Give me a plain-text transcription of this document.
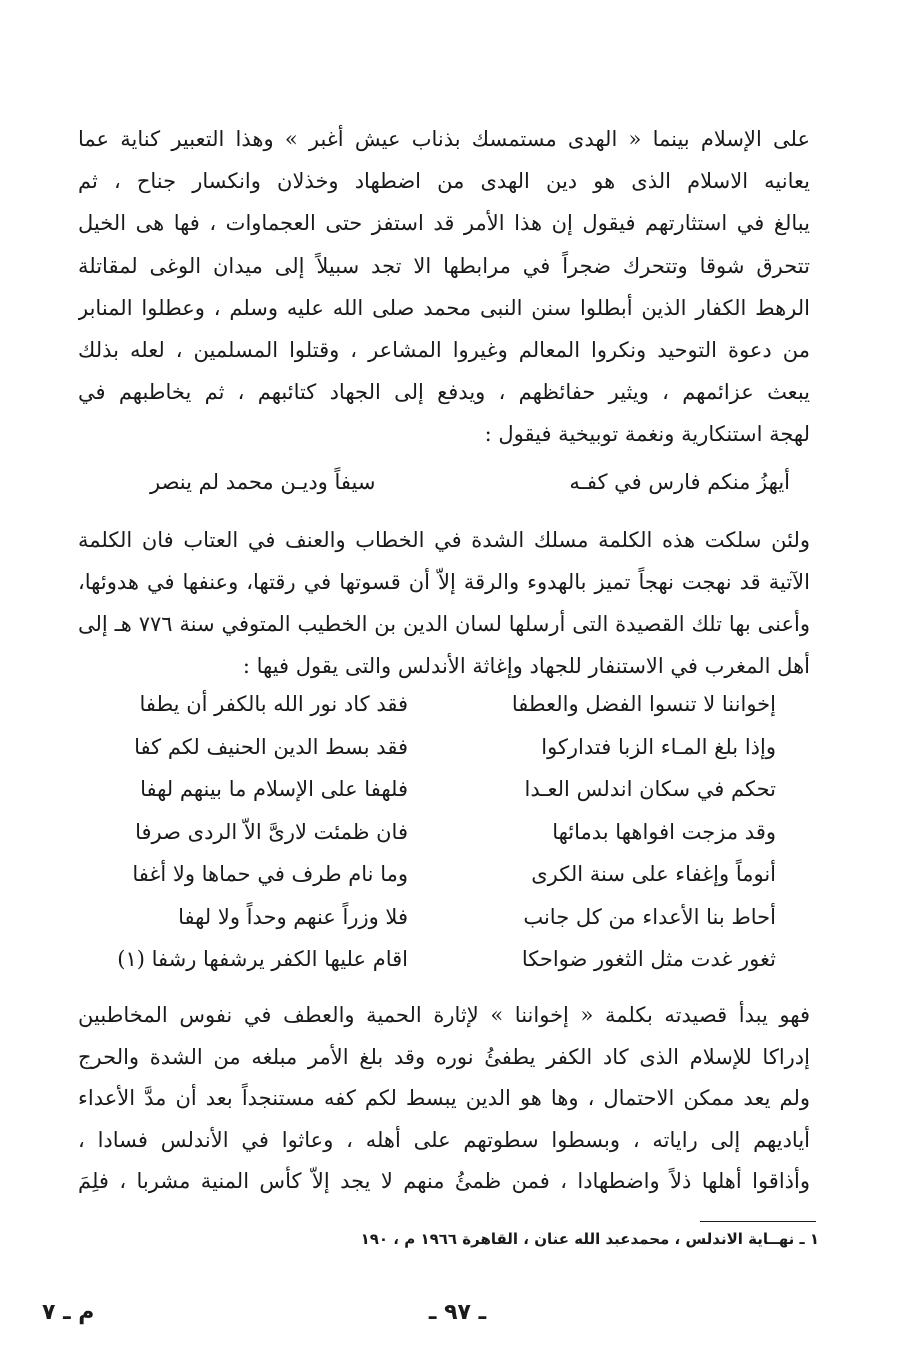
على الإسلام بينما « الهدى مستمسك بذناب عيش أغبر » وهذا التعبير كناية عما
يعانيه الاسلام الذى هو دين الهدى من اضطهاد وخذلان وانكسار جناح ، ثم
يبالغ في استثارتهم فيقول إن هذا الأمر قد استفز حتى العجماوات ، فها هى الخيل
تتحرق شوقا وتتحرك ضجراً في مرابطها الا تجد سبيلاً إلى ميدان الوغى لمقاتلة
الرهط الكفار الذين أبطلوا سنن النبى محمد صلى الله عليه وسلم ، وعطلوا المنابر
من دعوة التوحيد ونكروا المعالم وغيروا المشاعر ، وقتلوا المسلمين ، لعله بذلك
يبعث عزائمهم ، ويثير حفائظهم ، ويدفع إلى الجهاد كتائبهم ، ثم يخاطبهم في
لهجة استنكارية ونغمة توبيخية فيقول :
أيهزُ منكم فارس في كفـه
سيفاً وديـن محمد لم ينصر
ولئن سلكت هذه الكلمة مسلك الشدة في الخطاب والعنف في العتاب فان الكلمة
الآتية قد نهجت نهجاً تميز بالهدوء والرقة إلاّ أن قسوتها في رقتها، وعنفها في هدوئها،
وأعنى بها تلك القصيدة التى أرسلها لسان الدين بن الخطيب المتوفي سنة ٧٧٦ هـ إلى
أهل المغرب في الاستنفار للجهاد وإغاثة الأندلس والتى يقول فيها :
إخواننا لا تنسوا الفضل والعطفا
فقد كاد نور الله بالكفر أن يطفا
وإذا بلغ المـاء الزبا فتداركوا
فقد بسط الدين الحنيف لكم كفا
تحكم في سكان اندلس العـدا
فلهفا على الإسلام ما بينهم لهفا
وقد مزجت افواهها بدمائها
فان ظمئت لارىَّ الاّ الردى صرفا
أنوماً وإغفاء على سنة الكرى
وما نام طرف في حماها ولا أغفا
أحاط بنا الأعداء من كل جانب
فلا وزراً عنهم وحداً ولا لهفا
ثغور غدت مثل الثغور ضواحكا
اقام عليها الكفر يرشفها رشفا (١)
فهو يبدأ قصيدته بكلمة « إخواننا » لإثارة الحمية والعطف في نفوس المخاطبين
إدراكا للإسلام الذى كاد الكفر يطفئُ نوره وقد بلغ الأمر مبلغه من الشدة والحرج
ولم يعد ممكن الاحتمال ، وها هو الدين يبسط لكم كفه مستنجداً بعد أن مدَّ الأعداء
أياديهم إلى راياته ، وبسطوا سطوتهم على أهله ، وعاثوا في الأندلس فسادا ،
وأذاقوا أهلها ذلاً واضطهادا ، فمن ظمئُ منهم لا يجد إلاّ كأس المنية مشربا ، فلِمَ
١ ـ نهــاية الاندلس ، محمدعبد الله عنان ، القاهرة ١٩٦٦ م ، ١٩٠
ـ ٩٧ ـ
م ـ ٧
